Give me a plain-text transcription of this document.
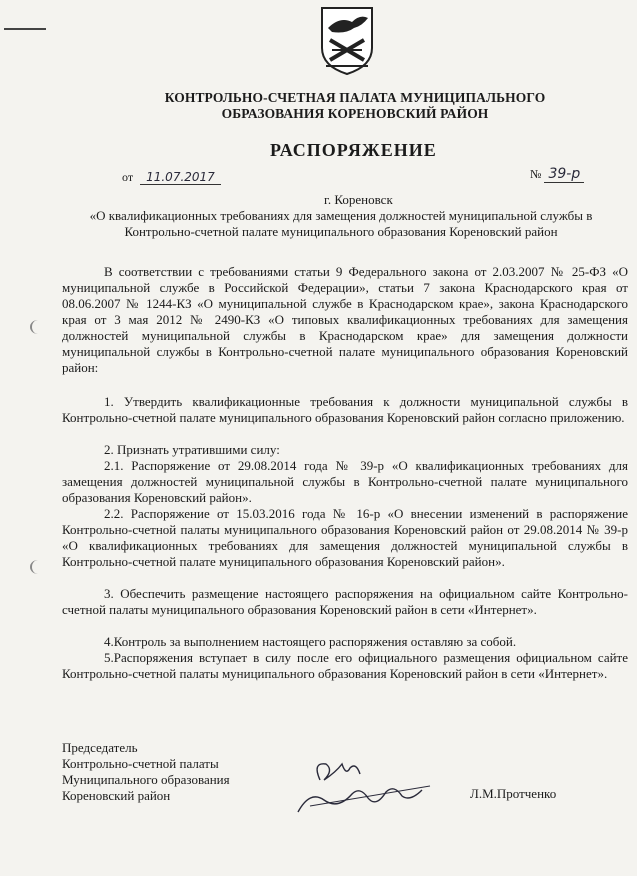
КОНТРОЛЬНО-СЧЕТНАЯ ПАЛАТА МУНИЦИПАЛЬНОГО
ОБРАЗОВАНИЯ КОРЕНОВСКИЙ РАЙОН
РАСПОРЯЖЕНИЕ
от 11.07.2017	№ 39-р
г. Кореновск
«О квалификационных требованиях для замещения должностей муниципальной службы в Контрольно-счетной палате муниципального образования Кореновский район

В соответствии с требованиями статьи 9 Федерального закона от 2.03.2007 № 25-ФЗ «О муниципальной службе в Российской Федерации», статьи 7 закона Краснодарского края от 08.06.2007 № 1244-КЗ «О муниципальной службе в Краснодарском крае», закона Краснодарского края от 3 мая 2012 № 2490-КЗ «О типовых квалификационных требованиях для замещения должностей муниципальной службы в Краснодарском крае» для замещения должности муниципальной службы в Контрольно-счетной палате муниципального образования Кореновский район:

1. Утвердить квалификационные требования к должности муниципальной службы в Контрольно-счетной палате муниципального образования Кореновский район согласно приложению.

2. Признать утратившими силу:

2.1. Распоряжение от 29.08.2014 года № 39-р «О квалификационных требованиях для замещения должностей муниципальной службы в Контрольно-счетной палате муниципального образования Кореновский район».

2.2. Распоряжение от 15.03.2016 года № 16-р «О внесении изменений в распоряжение Контрольно-счетной палаты муниципального образования Кореновский район от 29.08.2014 № 39-р «О квалификационных требованиях для замещения должностей муниципальной службы в Контрольно-счетной палате муниципального образования Кореновский район».

3. Обеспечить размещение настоящего распоряжения на официальном сайте Контрольно-счетной палаты муниципального образования Кореновский район в сети «Интернет».

4.Контроль за выполнением настоящего распоряжения оставляю за собой.

5.Распоряжения вступает в силу после его официального размещения официальном сайте Контрольно-счетной палаты муниципального образования Кореновский район в сети «Интернет».

Председатель
Контрольно-счетной палаты
Муниципального образования
Кореновский район	Л.М.Протченко
